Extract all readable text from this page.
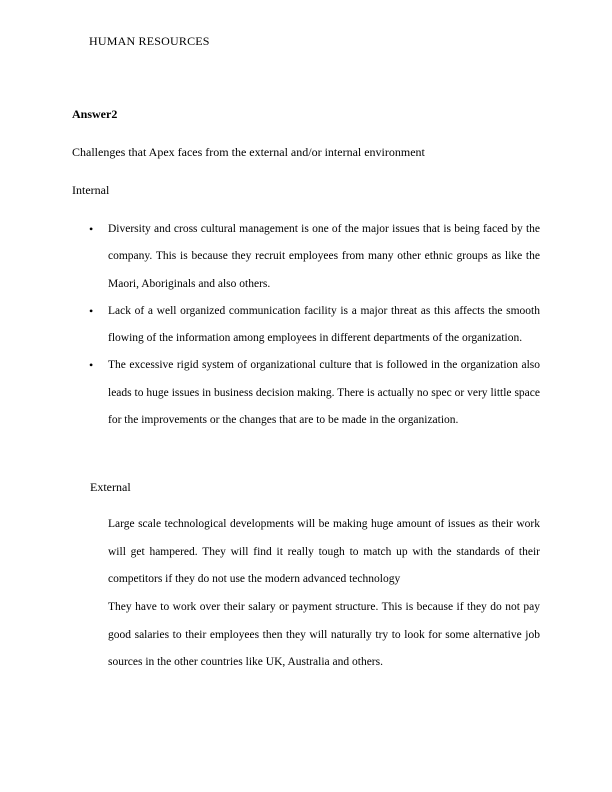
HUMAN RESOURCES	3
Answer2
Challenges that Apex faces from the external and/or internal environment
Internal
• Diversity and cross cultural management is one of the major issues that is being faced by the company. This is because they recruit employees from many other ethnic groups as like the Maori, Aboriginals and also others.
• Lack of a well organized communication facility is a major threat as this affects the smooth flowing of the information among employees in different departments of the organization.
• The excessive rigid system of organizational culture that is followed in the organization also leads to huge issues in business decision making. There is actually no spec or very little space for the improvements or the changes that are to be made in the organization.
External
Large scale technological developments will be making huge amount of issues as their work will get hampered. They will find it really tough to match up with the standards of their competitors if they do not use the modern advanced technology
They have to work over their salary or payment structure. This is because if they do not pay good salaries to their employees then they will naturally try to look for some alternative job sources in the other countries like UK, Australia and others.
